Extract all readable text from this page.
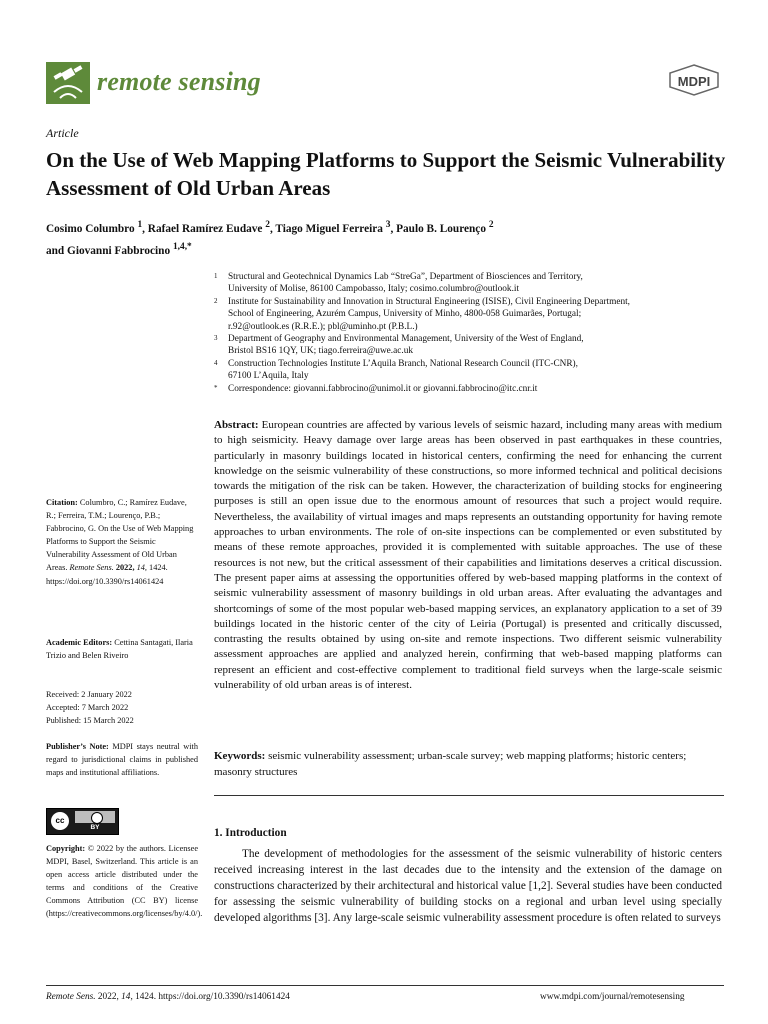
remote sensing	MDPI
Article
On the Use of Web Mapping Platforms to Support the Seismic Vulnerability Assessment of Old Urban Areas
Cosimo Columbro $^1$, Rafael Ramírez Eudave $^2$, Tiago Miguel Ferreira $^3$, Paulo B. Lourenço $^2$
and Giovanni Fabbrocino $^{1,4,*}$
1 Structural and Geotechnical Dynamics Lab “StreGa”, Department of Biosciences and Territory,
University of Molise, 86100 Campobasso, Italy; cosimo.columbro@outlook.it
2 Institute for Sustainability and Innovation in Structural Engineering (ISISE), Civil Engineering Department,
School of Engineering, Azurém Campus, University of Minho, 4800-058 Guimarães, Portugal;
r.92@outlook.es (R.R.E.); pbl@uminho.pt (P.B.L.)
3 Department of Geography and Environmental Management, University of the West of England,
Bristol BS16 1QY, UK; tiago.ferreira@uwe.ac.uk
4 Construction Technologies Institute L’Aquila Branch, National Research Council (ITC-CNR),
67100 L’Aquila, Italy
* Correspondence: giovanni.fabbrocino@unimol.it or giovanni.fabbrocino@itc.cnr.it
Abstract: European countries are affected by various levels of seismic hazard, including many areas with medium to high seismicity. Heavy damage over large areas has been observed in past earthquakes in these countries, particularly in masonry buildings located in historical centers, confirming the need for enhancing the current knowledge on the seismic vulnerability of these constructions, so more informed technical and political decisions towards the mitigation of the risk can be taken. However, the characterization of building stocks for engineering purposes is still an open issue due to the enormous amount of resources that such a project would require. Nevertheless, the availability of virtual images and maps represents an outstanding opportunity for having remote approaches to urban environments. The role of on-site inspections can be complemented or even substituted by means of these remote approaches, provided it is complemented with suitable approaches. The use of these resources is not new, but the critical assessment of their capabilities and limitations deserves a critical discussion. The present paper aims at assessing the opportunities offered by web-based mapping platforms in the context of seismic vulnerability assessment of masonry buildings in old urban areas. After evaluating the advantages and shortcomings of some of the most popular web-based mapping services, an explanatory application to a set of 39 buildings located in the historic center of the city of Leiria (Portugal) is presented and critically discussed, contrasting the results obtained by using on-site and remote inspections. Two different seismic vulnerability assessment approaches are applied and analyzed herein, confirming that web-based mapping platforms can represent an efficient and cost-effective complement to traditional field surveys when the large-scale seismic vulnerability of old urban areas is of interest.
Keywords: seismic vulnerability assessment; urban-scale survey; web mapping platforms; historic centers; masonry structures
Citation: Columbro, C.; Ramírez Eudave, R.; Ferreira, T.M.; Lourenço, P.B.; Fabbrocino, G. On the Use of Web Mapping Platforms to Support the Seismic Vulnerability Assessment of Old Urban Areas. Remote Sens. 2022, 14, 1424. https://doi.org/10.3390/rs14061424
Academic Editors: Cettina Santagati, Ilaria Trizio and Belen Riveiro
Received: 2 January 2022
Accepted: 7 March 2022
Published: 15 March 2022
Publisher’s Note: MDPI stays neutral with regard to jurisdictional claims in published maps and institutional affiliations.
cc
BY
Copyright: © 2022 by the authors. Licensee MDPI, Basel, Switzerland. This article is an open access article distributed under the terms and conditions of the Creative Commons Attribution (CC BY) license (https://creativecommons.org/licenses/by/4.0/).
1. Introduction
The development of methodologies for the assessment of the seismic vulnerability of historic centers received increasing interest in the last decades due to the intensity and the extension of the damage on constructions characterized by their architectural and historical value [1,2]. Several studies have been conducted for assessing the seismic vulnerability of building stocks on a regional and urban level using specially developed algorithms [3]. Any large-scale seismic vulnerability assessment procedure is often related to surveys
Remote Sens. 2022, 14, 1424. https://doi.org/10.3390/rs14061424	www.mdpi.com/journal/remotesensing
